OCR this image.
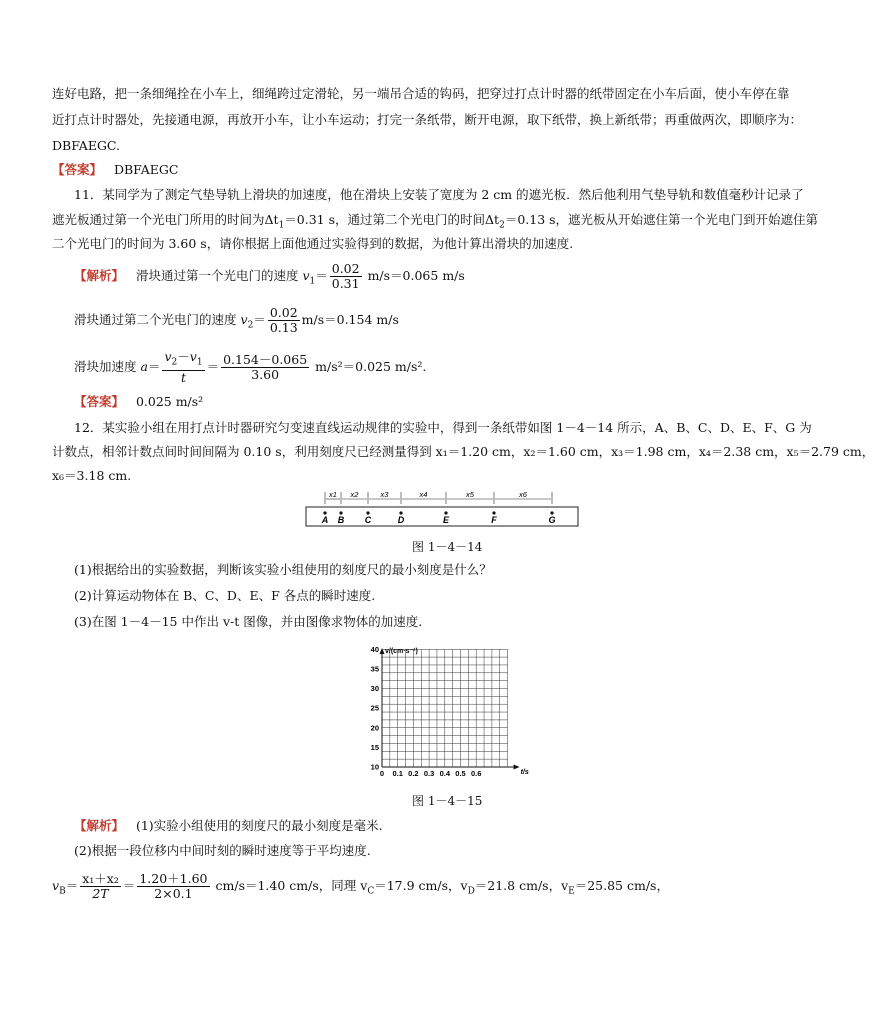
连好电路，把一条细绳拴在小车上，细绳跨过定滑轮，另一端吊合适的钩码，把穿过打点计时器的纸带固定在小车后面，使小车停在靠
近打点计时器处，先接通电源，再放开小车，让小车运动；打完一条纸带，断开电源，取下纸带，换上新纸带；再重做两次，即顺序为：
DBFAEGC.
【答案】 DBFAEGC
11．某同学为了测定气垫导轨上滑块的加速度，他在滑块上安装了宽度为 2 cm 的遮光板．然后他利用气垫导轨和数值毫秒计记录了
遮光板通过第一个光电门所用的时间为$\Delta t_1=0.31$ s，通过第二个光电门的时间$\Delta t_2=0.13$ s，遮光板从开始遮住第一个光电门到开始遮住第
二个光电门的时间为 3.60 s，请你根据上面他通过实验得到的数据，为他计算出滑块的加速度.
【解析】 滑块通过第一个光电门的速度 $v_1= \frac{0.02}{0.31} m/s=0.065$ m/s
滑块通过第二个光电门的速度 $v_2= \frac{0.02}{0.13} m/s=0.154$ m/s
滑块加速度 $a= \frac{v_2-v_1}{t} = \frac{0.154-0.065}{3.60} m/s^2=0.025$ m/s².
【答案】 0.025 m/s²
12．某实验小组在用打点计时器研究匀变速直线运动规律的实验中，得到一条纸带如图 1－4－14 所示，A、B、C、D、E、F、G 为
计数点，相邻计数点间时间间隔为 0.10 s，利用刻度尺已经测量得到 x₁＝1.20 cm，x₂＝1.60 cm，x₃＝1.98 cm，x₄＝2.38 cm，x₅＝2.79 cm，
x₆＝3.18 cm.
A B C	D	E	F	G
x1 x2	x3	x4	x5	x6
图 1－4－14
(1)根据给出的实验数据，判断该实验小组使用的刻度尺的最小刻度是什么？
(2)计算运动物体在 B、C、D、E、F 各点的瞬时速度.
(3)在图 1－4－15 中作出 v-t 图像，并由图像求物体的加速度.
v/(cm·s⁻¹)
t/s
40
35
30
25
20
15
10
0 0.1 0.2 0.3 0.4 0.5 0.6
图 1－4－15
【解析】 (1)实验小组使用的刻度尺的最小刻度是毫米.
(2)根据一段位移内中间时刻的瞬时速度等于平均速度.
$v_B= \frac{\text{x₁＋x₂}}{2T} = \frac{1.20+1.60}{2\times 0.1} cm/s=1.40$ cm/s，同理 $v_C=17.9$ cm/s，$v_D=21.8$ cm/s，$v_E=25.85$ cm/s，
